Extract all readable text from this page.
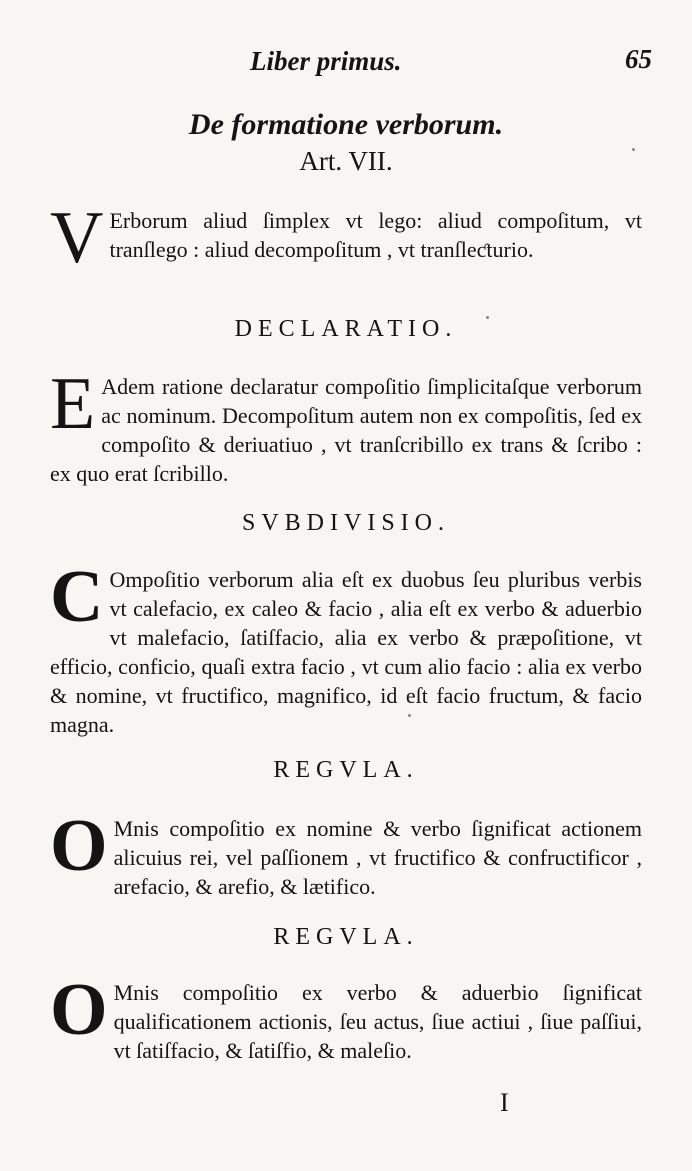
Liber primus.	65
De formatione verborum.
Art. VII.
V Erborum aliud ſimplex vt lego: aliud compoſitum, vt tranſlego : aliud decompoſitum , vt tranſleƈturio.
DECLARATIO.
E Adem ratione declaratur compoſitio ſimplicitaſque verborum ac nominum. Decompoſitum autem non ex compoſitis, ſed ex compoſito & deriuatiuo , vt tranſcribillo ex trans & ſcribo : ex quo erat ſcribillo.
SVBDIVISIO.
C Ompoſitio verborum alia eſt ex duobus ſeu pluribus verbis vt calefacio, ex caleo & facio , alia eſt ex verbo & aduerbio vt malefacio, ſatiſfacio, alia ex verbo & præpoſitione, vt efficio, conficio, quaſi extra facio , vt cum alio facio : alia ex verbo & nomine, vt fructifico, magnifico, id eſt facio fructum, & facio magna.
REGVLA.
O Mnis compoſitio ex nomine & verbo ſignificat actionem alicuius rei, vel paſſionem , vt fructifico & confructificor , arefacio, & arefio, & lætifico.
REGVLA.
O Mnis compoſitio ex verbo & aduerbio ſignificat qualificationem actionis, ſeu actus, ſiue actiui , ſiue paſſiui, vt ſatiſfacio, & ſatiſfio, & maleſio.
I
